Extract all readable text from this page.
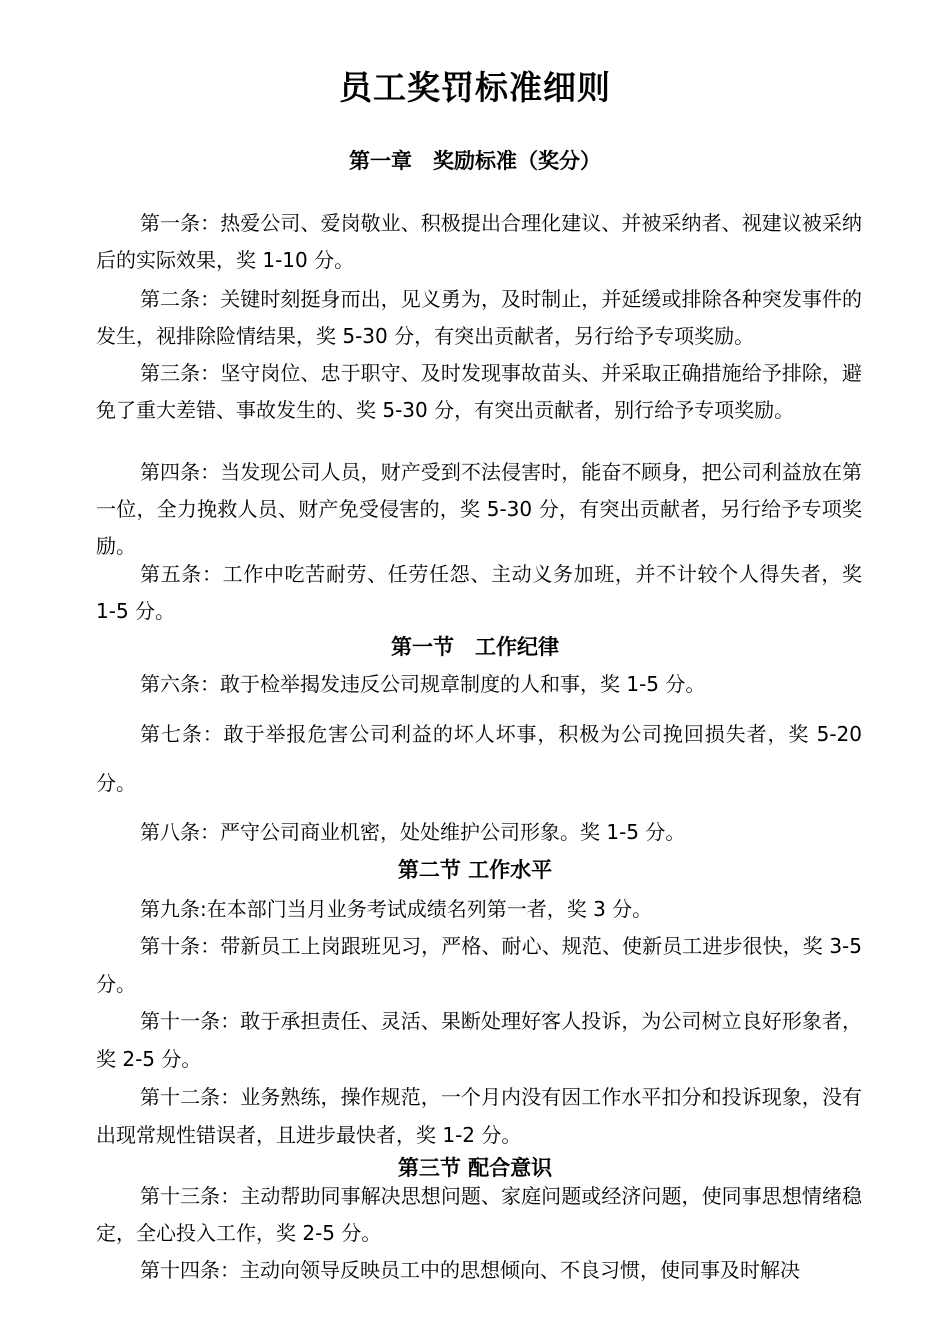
员工奖罚标准细则
第一章　奖励标准（奖分）

第一条：热爱公司、爱岗敬业、积极提出合理化建议、并被采纳者、视建议被采纳后的实际效果，奖 1-10 分。

第二条：关键时刻挺身而出，见义勇为，及时制止，并延缓或排除各种突发事件的发生，视排除险情结果，奖 5-30 分，有突出贡献者，另行给予专项奖励。

第三条：坚守岗位、忠于职守、及时发现事故苗头、并采取正确措施给予排除，避免了重大差错、事故发生的、奖 5-30 分，有突出贡献者，别行给予专项奖励。

第四条：当发现公司人员，财产受到不法侵害时，能奋不顾身，把公司利益放在第一位，全力挽救人员、财产免受侵害的，奖 5-30 分，有突出贡献者，另行给予专项奖励。

第五条：工作中吃苦耐劳、任劳任怨、主动义务加班，并不计较个人得失者，奖 1-5 分。

第一节　工作纪律

第六条：敢于检举揭发违反公司规章制度的人和事，奖 1-5 分。

第七条：敢于举报危害公司利益的坏人坏事，积极为公司挽回损失者，奖 5-20 分。

第八条：严守公司商业机密，处处维护公司形象。奖 1-5 分。

第二节 工作水平

第九条:在本部门当月业务考试成绩名列第一者，奖 3 分。

第十条：带新员工上岗跟班见习，严格、耐心、规范、使新员工进步很快，奖 3-5 分。

第十一条：敢于承担责任、灵活、果断处理好客人投诉，为公司树立良好形象者，奖 2-5 分。

第十二条：业务熟练，操作规范，一个月内没有因工作水平扣分和投诉现象，没有出现常规性错误者，且进步最快者，奖 1-2 分。

第三节 配合意识

第十三条：主动帮助同事解决思想问题、家庭问题或经济问题，使同事思想情绪稳定，全心投入工作，奖 2-5 分。

第十四条：主动向领导反映员工中的思想倾向、不良习惯，使同事及时解决
